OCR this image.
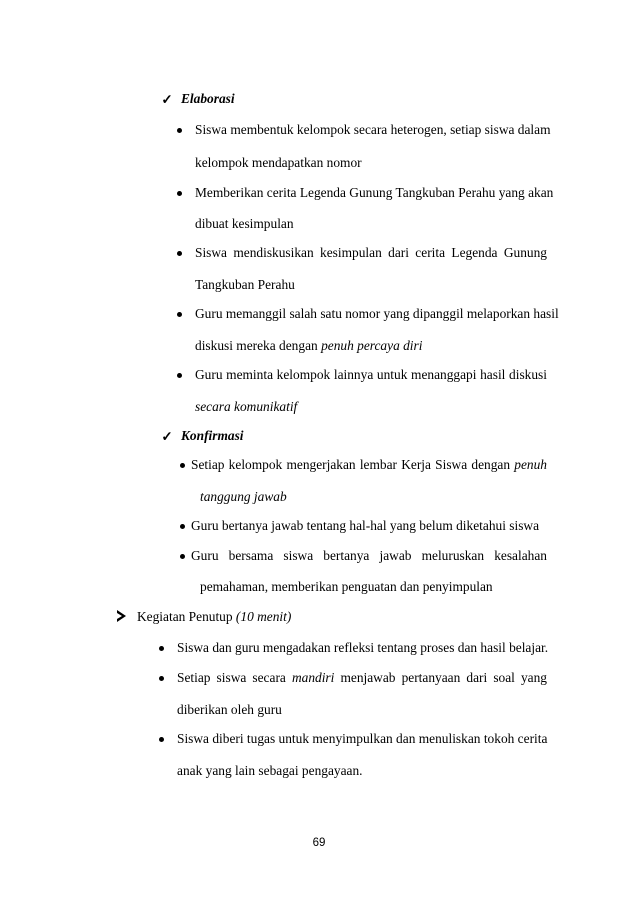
✓ Elaborasi
Siswa membentuk kelompok secara heterogen, setiap siswa dalam
kelompok mendapatkan nomor
Memberikan cerita Legenda Gunung Tangkuban Perahu yang akan
dibuat kesimpulan
Siswa mendiskusikan kesimpulan dari cerita Legenda Gunung
Tangkuban Perahu
Guru memanggil salah satu nomor yang dipanggil melaporkan hasil
diskusi mereka dengan penuh percaya diri
Guru meminta kelompok lainnya untuk menanggapi hasil diskusi
secara komunikatif
✓ Konfirmasi
Setiap kelompok mengerjakan lembar Kerja Siswa dengan penuh
tanggung jawab
Guru bertanya jawab tentang hal-hal yang belum diketahui siswa
Guru bersama siswa bertanya jawab meluruskan kesalahan
pemahaman, memberikan penguatan dan penyimpulan
Kegiatan Penutup (10 menit)
Siswa dan guru mengadakan refleksi tentang proses dan hasil belajar.
Setiap siswa secara mandiri menjawab pertanyaan dari soal yang
diberikan oleh guru
Siswa diberi tugas untuk menyimpulkan dan menuliskan tokoh cerita
anak yang lain sebagai pengayaan.
69
